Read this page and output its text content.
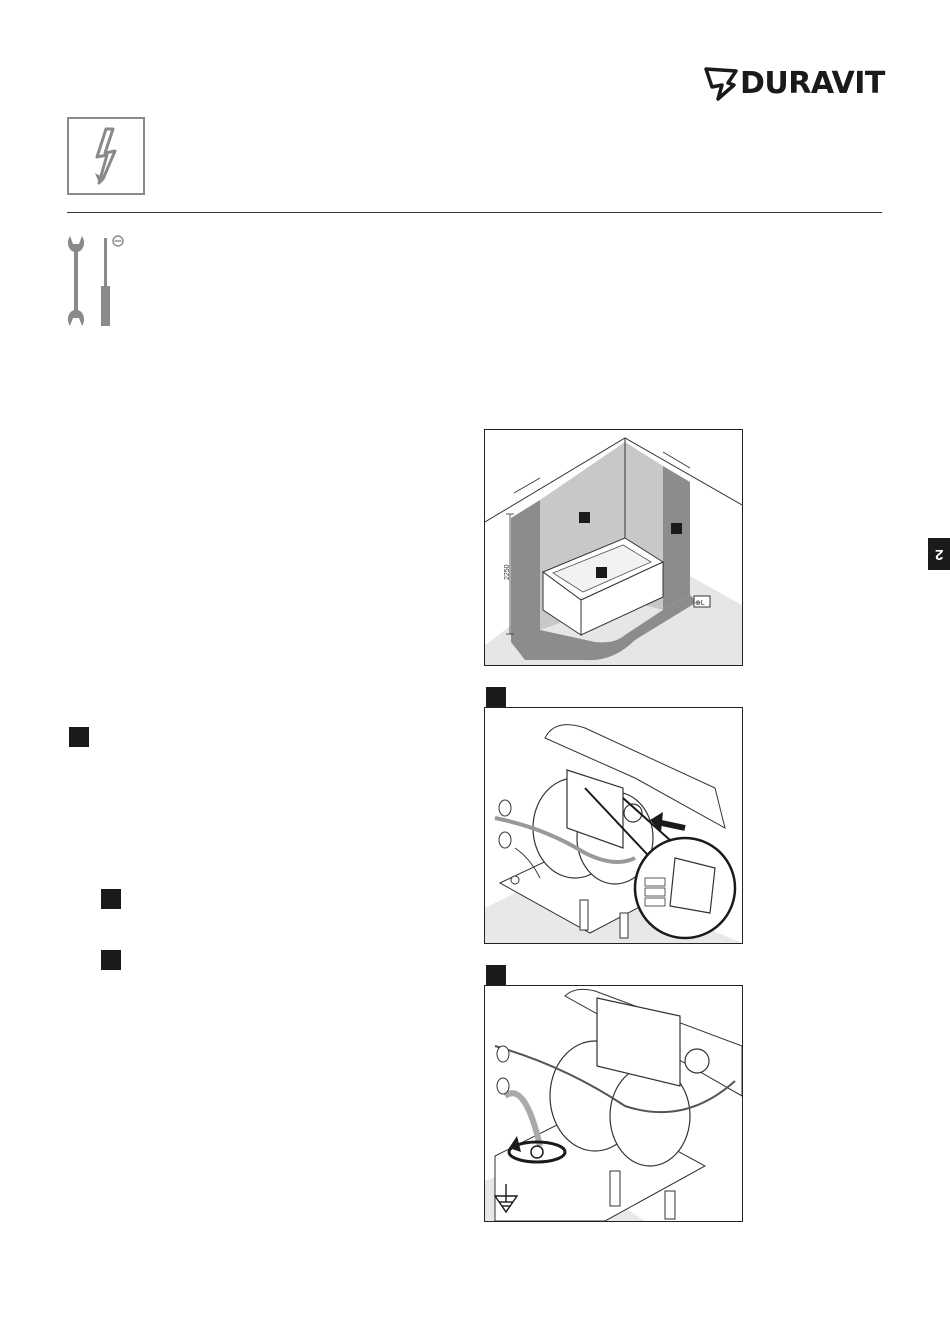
DURAVIT
2
2250
⊕L
